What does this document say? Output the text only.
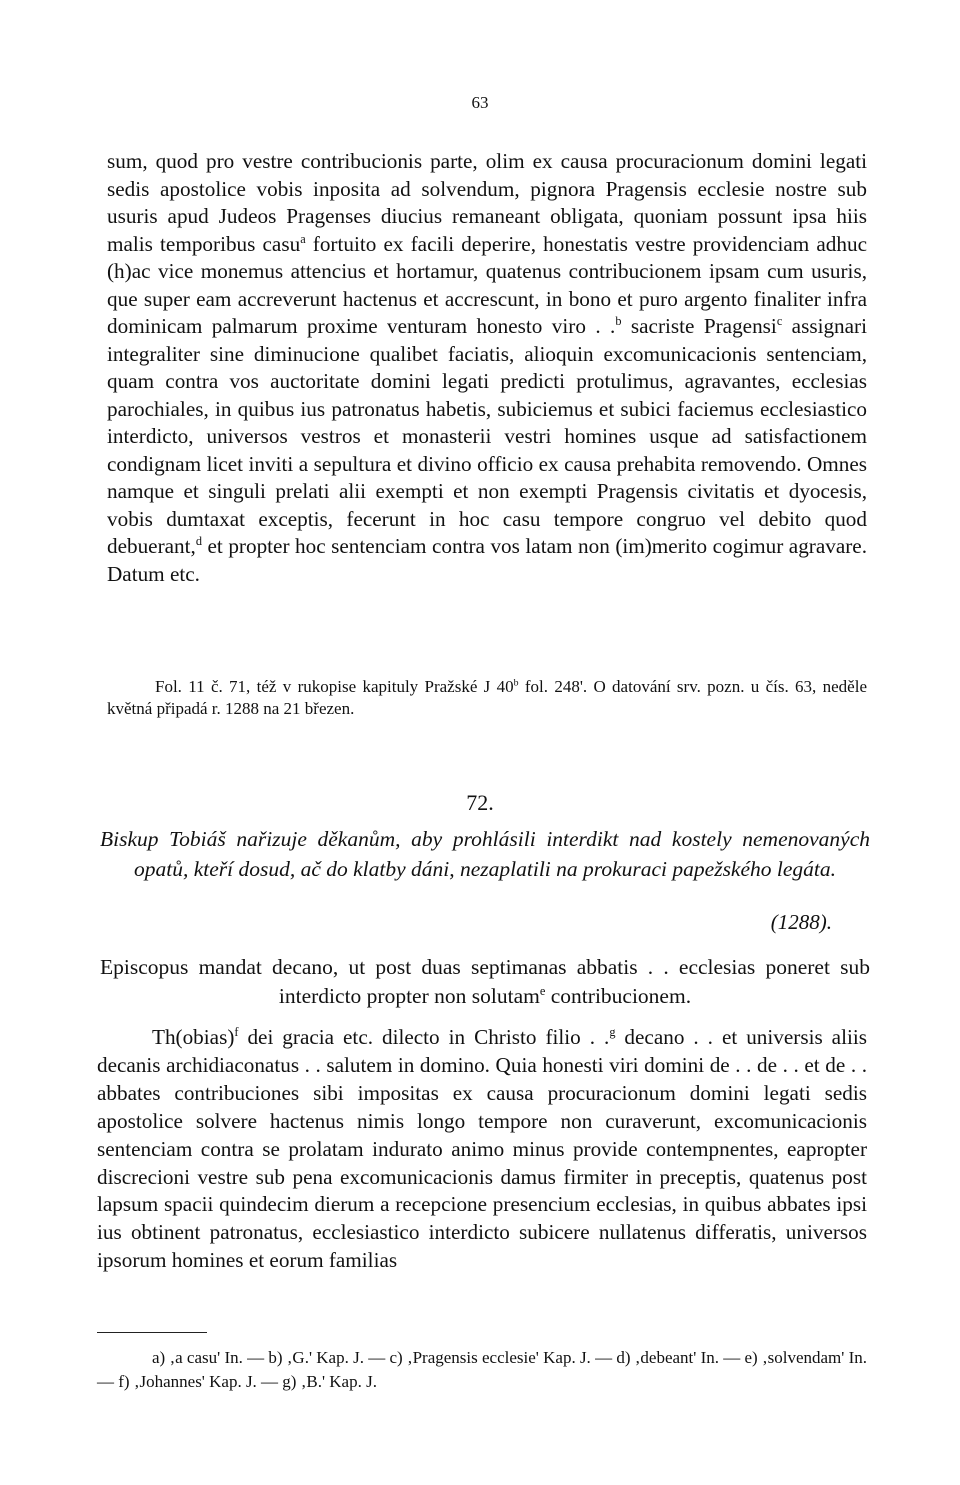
63

sum, quod pro vestre contribucionis parte, olim ex causa procuracionum domini legati sedis apostolice vobis inposita ad solvendum, pignora Pragensis ecclesie nostre sub usuris apud Judeos Pragenses diucius remaneant obligata, quoniam possunt ipsa hiis malis temporibus casu$^a$ fortuito ex facili deperire, honestatis vestre providenciam adhuc (h)ac vice monemus attencius et hortamur, quatenus contribucionem ipsam cum usuris, que super eam accreverunt hactenus et accrescunt, in bono et puro argento finaliter infra dominicam palmarum proxime venturam honesto viro . .$^b$ sacriste Pragensi$^c$ assignari integraliter sine diminucione qualibet faciatis, alioquin excomunicacionis sentenciam, quam contra vos auctoritate domini legati predicti protulimus, agravantes, ecclesias parochiales, in quibus ius patronatus habetis, subiciemus et subici faciemus ecclesiastico interdicto, universos vestros et monasterii vestri homines usque ad satisfactionem condignam licet inviti a sepultura et divino officio ex causa prehabita removendo. Omnes namque et singuli prelati alii exempti et non exempti Pragensis civitatis et dyocesis, vobis dumtaxat exceptis, fecerunt in hoc casu tempore congruo vel debito quod debuerant,$^d$ et propter hoc sentenciam contra vos latam non (im)merito cogimur agravare. Datum etc.

Fol. 11 č. 71, též v rukopise kapituly Pražské J 40$^b$ fol. 248'. O datování srv. pozn. u čís. 63, neděle květná připadá r. 1288 na 21 březen.

72.

Biskup Tobiáš nařizuje děkanům, aby prohlásili interdikt nad kostely nemenovaných opatů, kteří dosud, ač do klatby dáni, nezaplatili na prokuraci papežského legáta.

(1288).

Episcopus mandat decano, ut post duas septimanas abbatis . . ecclesias poneret sub interdicto propter non solutam$^e$ contribucionem.

Th(obias)$^f$ dei gracia etc. dilecto in Christo filio . .$^g$ decano . . et universis aliis decanis archidiaconatus . . salutem in domino. Quia honesti viri domini de . . de . . et de . . abbates contribuciones sibi impositas ex causa procuracionum domini legati sedis apostolice solvere hactenus nimis longo tempore non curaverunt, excomunicacionis sentenciam contra se prolatam indurato animo minus provide contempnentes, eapropter discrecioni vestre sub pena excomunicacionis damus firmiter in preceptis, quatenus post lapsum spacii quindecim dierum a recepcione presencium ecclesias, in quibus abbates ipsi ius obtinent patronatus, ecclesiastico interdicto subicere nullatenus differatis, universos ipsorum homines et eorum familias

a) ‚a casu' In. — b) ‚G.' Kap. J. — c) ‚Pragensis ecclesie' Kap. J. — d) ‚debeant' In. — e) ‚solvendam' In. — f) ‚Johannes' Kap. J. — g) ‚B.' Kap. J.
